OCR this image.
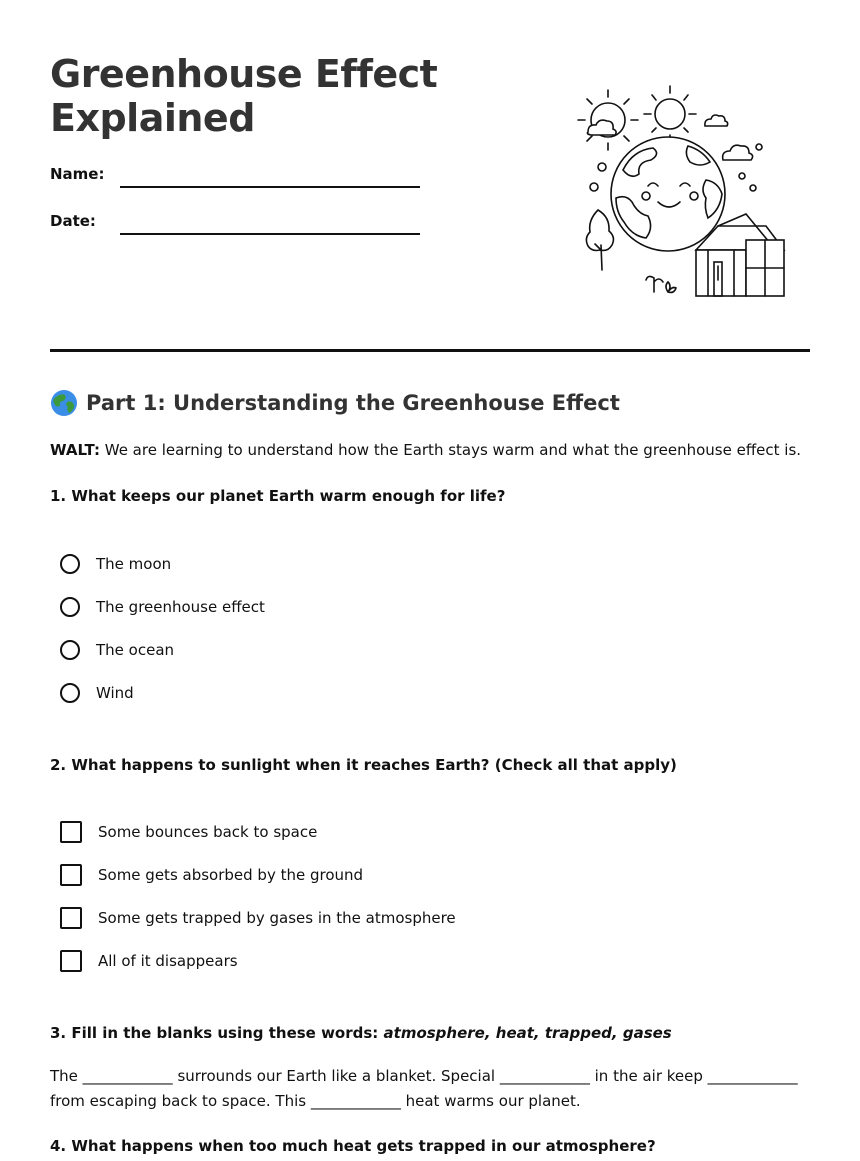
Greenhouse Effect
Explained
Name:
Date:
Part 1: Understanding the Greenhouse Effect
WALT: We are learning to understand how the Earth stays warm and what the greenhouse effect is.
1. What keeps our planet Earth warm enough for life?
The moon
The greenhouse effect
The ocean
Wind
2. What happens to sunlight when it reaches Earth? (Check all that apply)
Some bounces back to space
Some gets absorbed by the ground
Some gets trapped by gases in the atmosphere
All of it disappears
3. Fill in the blanks using these words: atmosphere, heat, trapped, gases
The ____________ surrounds our Earth like a blanket. Special ____________ in the air keep ____________ from escaping back to space. This ____________ heat warms our planet.
4. What happens when too much heat gets trapped in our atmosphere?
